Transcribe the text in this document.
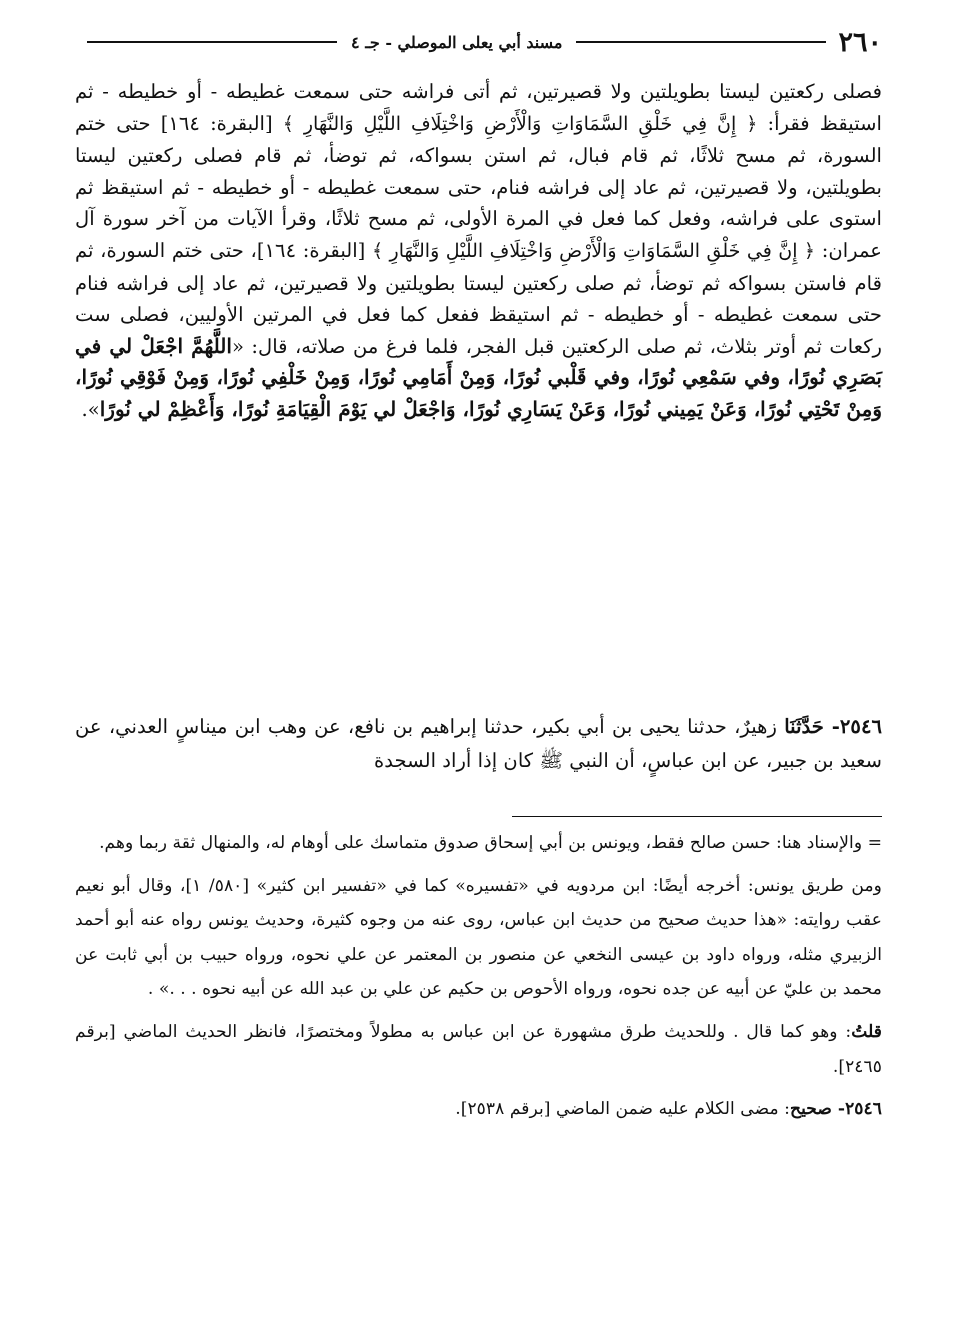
٢٦٠
مسند أبي يعلى الموصلي - جـ ٤

فصلى ركعتين ليستا بطويلتين ولا قصيرتين، ثم أتى فراشه حتى سمعت غطيطه - أو خطيطه - ثم استيقظ فقرأ: ﴿ إِنَّ فِي خَلْقِ السَّمَاوَاتِ وَالْأَرْضِ وَاخْتِلَافِ اللَّيْلِ وَالنَّهَارِ ﴾ [البقرة: ١٦٤] حتى ختم السورة، ثم مسح ثلاثًا، ثم قام فبال، ثم استن بسواكه، ثم توضأ، ثم قام فصلى ركعتين ليستا بطويلتين، ولا قصيرتين، ثم عاد إلى فراشه فنام، حتى سمعت غطيطه - أو خطيطه - ثم استيقظ ثم استوى على فراشه، وفعل كما فعل في المرة الأولى، ثم مسح ثلاثًا، وقرأ الآيات من آخر سورة آل عمران: ﴿ إِنَّ فِي خَلْقِ السَّمَاوَاتِ وَالْأَرْضِ وَاخْتِلَافِ اللَّيْلِ وَالنَّهَارِ ﴾ [البقرة: ١٦٤]، حتى ختم السورة، ثم قام فاستن بسواكه ثم توضأ، ثم صلى ركعتين ليستا بطويلتين ولا قصيرتين، ثم عاد إلى فراشه فنام حتى سمعت غطيطه - أو خطيطه - ثم استيقظ ففعل كما فعل في المرتين الأوليين، فصلى ست ركعات ثم أوتر بثلاث، ثم صلى الركعتين قبل الفجر، فلما فرغ من صلاته، قال: «اللَّهُمَّ اجْعَلْ لي في بَصَرِي نُورًا، وفي سَمْعِي نُورًا، وفي قَلْبي نُورًا، وَمِنْ أَمَامِي نُورًا، وَمِنْ خَلْفِي نُورًا، وَمِنْ فَوْقِي نُورًا، وَمِنْ تَحْتِي نُورًا، وَعَنْ يَمِيني نُورًا، وَعَنْ يَسَارِي نُورًا، وَاجْعَلْ لي يَوْمَ الْقِيَامَةِ نُورًا، وَأَعْظِمْ لي نُورًا».

٢٥٤٦- حَدَّثَنَا زهيرٌ، حدثنا يحيى بن أبي بكير، حدثنا إبراهيم بن نافع، عن وهب ابن ميناسٍ العدني، عن سعيد بن جبير، عن ابن عباسٍ، أن النبي ﷺ كان إذا أراد السجدة

= والإسناد هنا: حسن صالح فقط، ويونس بن أبي إسحاق صدوق متماسك على أوهام له، والمنهال ثقة ربما وهم.

ومن طريق يونس: أخرجه أيضًا: ابن مردويه في «تفسيره» كما في «تفسير ابن كثير» [٥٨٠/ ١]، وقال أبو نعيم عقب روايته: «هذا حديث صحيح من حديث ابن عباس، روى عنه من وجوه كثيرة، وحديث يونس رواه عنه أبو أحمد الزبيري مثله، ورواه داود بن عيسى النخعي عن منصور بن المعتمر عن علي نحوه، ورواه حبيب بن أبي ثابت عن محمد بن عليّ عن أبيه عن جده نحوه، ورواه الأحوص بن حكيم عن علي بن عبد الله عن أبيه نحوه . . .» .

قلتُ: وهو كما قال . وللحديث طرق مشهورة عن ابن عباس به مطولاً ومختصرًا، فانظر الحديث الماضي [برقم ٢٤٦٥].

٢٥٤٦- صحيح: مضى الكلام عليه ضمن الماضي [برقم ٢٥٣٨].
